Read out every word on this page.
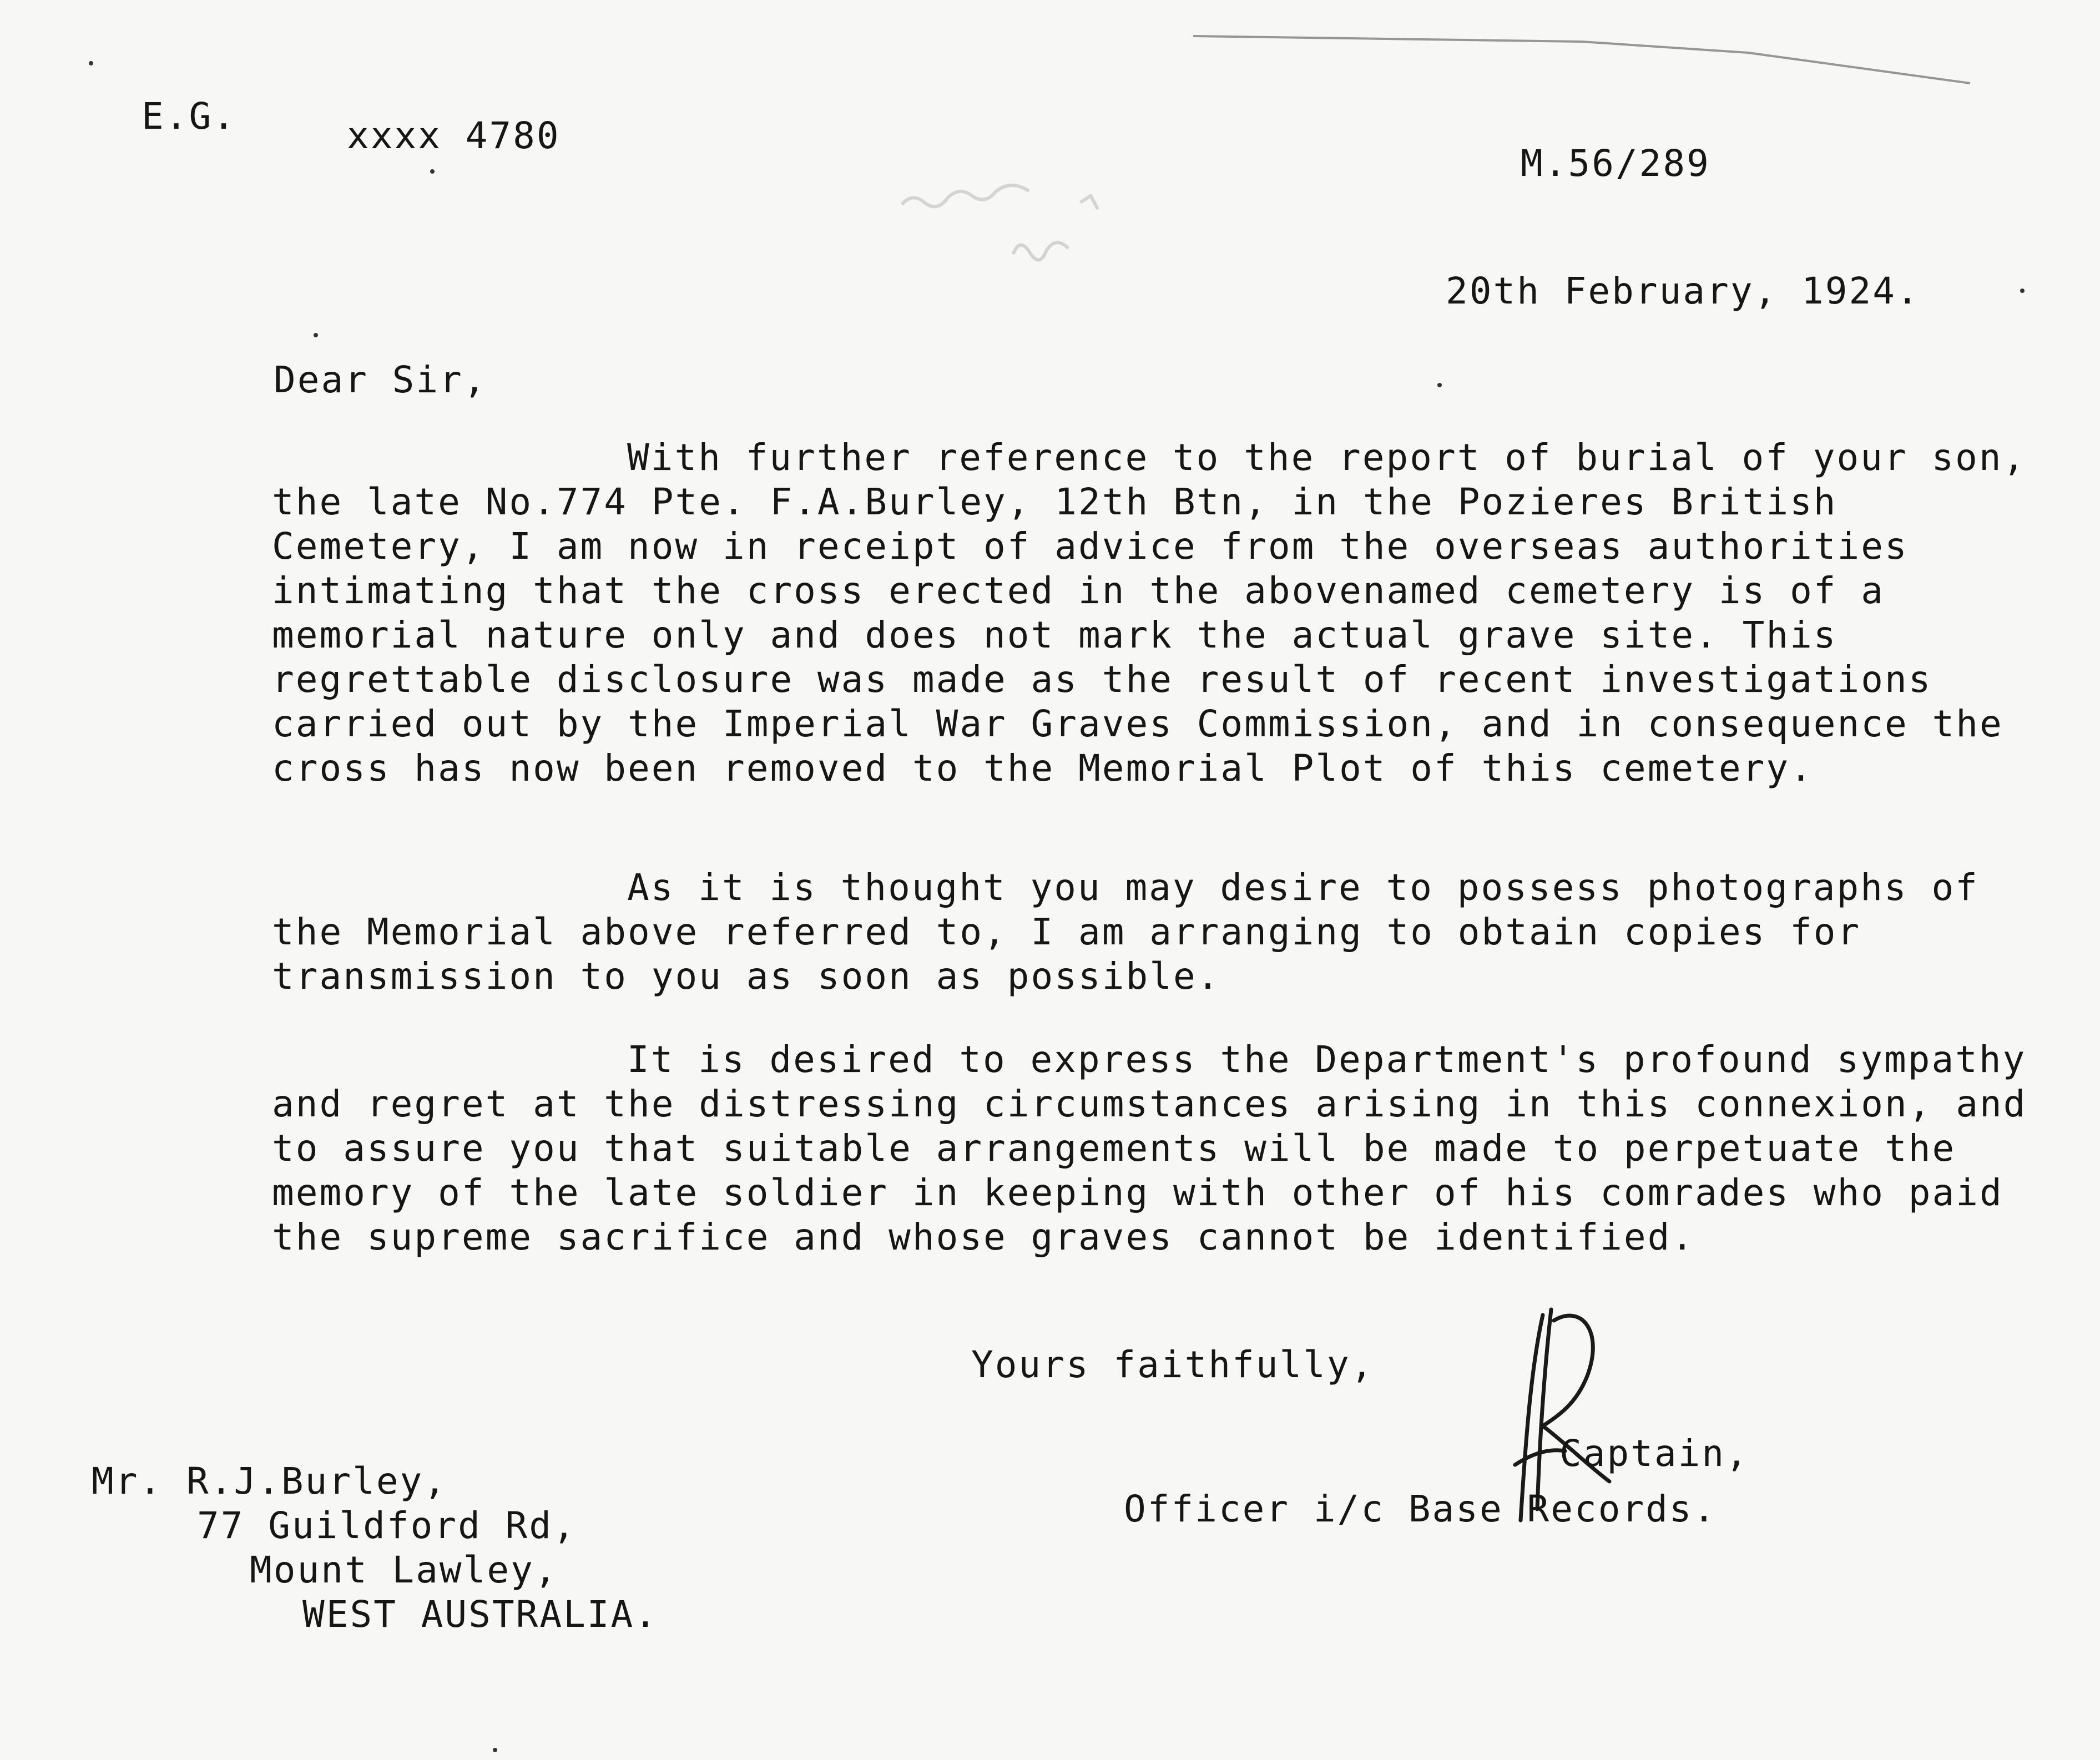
E.G.	xxxx 4780
M.56/289
20th February, 1924.
Dear Sir,
With further reference to the report of burial of your son, the late No.774 Pte. F.A.Burley, 12th Btn, in the Pozieres British Cemetery, I am now in receipt of advice from the overseas authorities intimating that the cross erected in the abovenamed cemetery is of a memorial nature only and does not mark the actual grave site. This regrettable disclosure was made as the result of recent investigations carried out by the Imperial War Graves Commission, and in consequence the cross has now been removed to the Memorial Plot of this cemetery.
As it is thought you may desire to possess photographs of the Memorial above referred to, I am arranging to obtain copies for transmission to you as soon as possible.
It is desired to express the Department's profound sympathy and regret at the distressing circumstances arising in this connexion, and to assure you that suitable arrangements will be made to perpetuate the memory of the late soldier in keeping with other of his comrades who paid the supreme sacrifice and whose graves cannot be identified.
Yours faithfully,
Captain,
Officer i/c Base Records.
Mr. R.J.Burley,
77 Guildford Rd,
Mount Lawley,
WEST AUSTRALIA.
